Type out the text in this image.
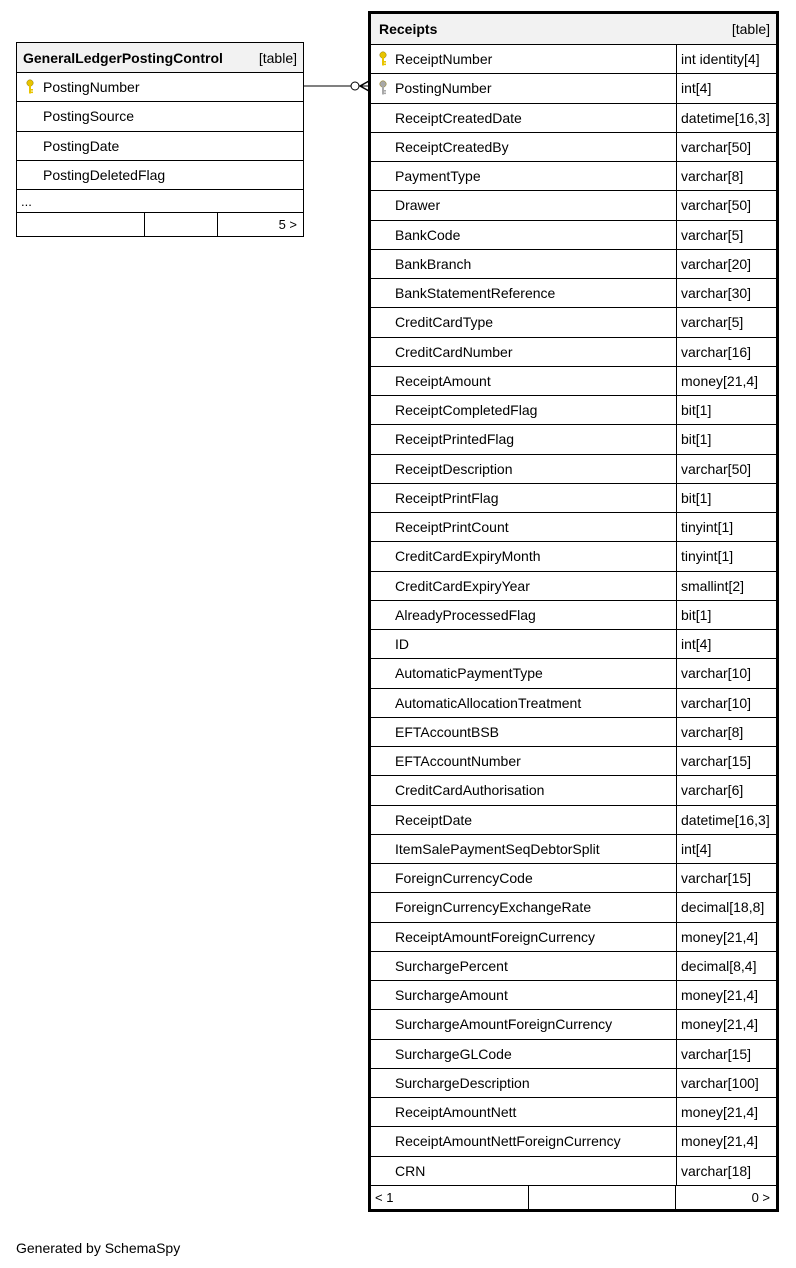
GeneralLedgerPostingControl	[table]
PostingNumber
PostingSource
PostingDate
PostingDeletedFlag
...
5 >
Receipts	[table]
ReceiptNumber	int identity[4]
PostingNumber	int[4]
ReceiptCreatedDate	datetime[16,3]
ReceiptCreatedBy	varchar[50]
PaymentType	varchar[8]
Drawer	varchar[50]
BankCode	varchar[5]
BankBranch	varchar[20]
BankStatementReference	varchar[30]
CreditCardType	varchar[5]
CreditCardNumber	varchar[16]
ReceiptAmount	money[21,4]
ReceiptCompletedFlag	bit[1]
ReceiptPrintedFlag	bit[1]
ReceiptDescription	varchar[50]
ReceiptPrintFlag	bit[1]
ReceiptPrintCount	tinyint[1]
CreditCardExpiryMonth	tinyint[1]
CreditCardExpiryYear	smallint[2]
AlreadyProcessedFlag	bit[1]
ID	int[4]
AutomaticPaymentType	varchar[10]
AutomaticAllocationTreatment	varchar[10]
EFTAccountBSB	varchar[8]
EFTAccountNumber	varchar[15]
CreditCardAuthorisation	varchar[6]
ReceiptDate	datetime[16,3]
ItemSalePaymentSeqDebtorSplit	int[4]
ForeignCurrencyCode	varchar[15]
ForeignCurrencyExchangeRate	decimal[18,8]
ReceiptAmountForeignCurrency	money[21,4]
SurchargePercent	decimal[8,4]
SurchargeAmount	money[21,4]
SurchargeAmountForeignCurrency	money[21,4]
SurchargeGLCode	varchar[15]
SurchargeDescription	varchar[100]
ReceiptAmountNett	money[21,4]
ReceiptAmountNettForeignCurrency	money[21,4]
CRN	varchar[18]
< 1	0 >
Generated by SchemaSpy
